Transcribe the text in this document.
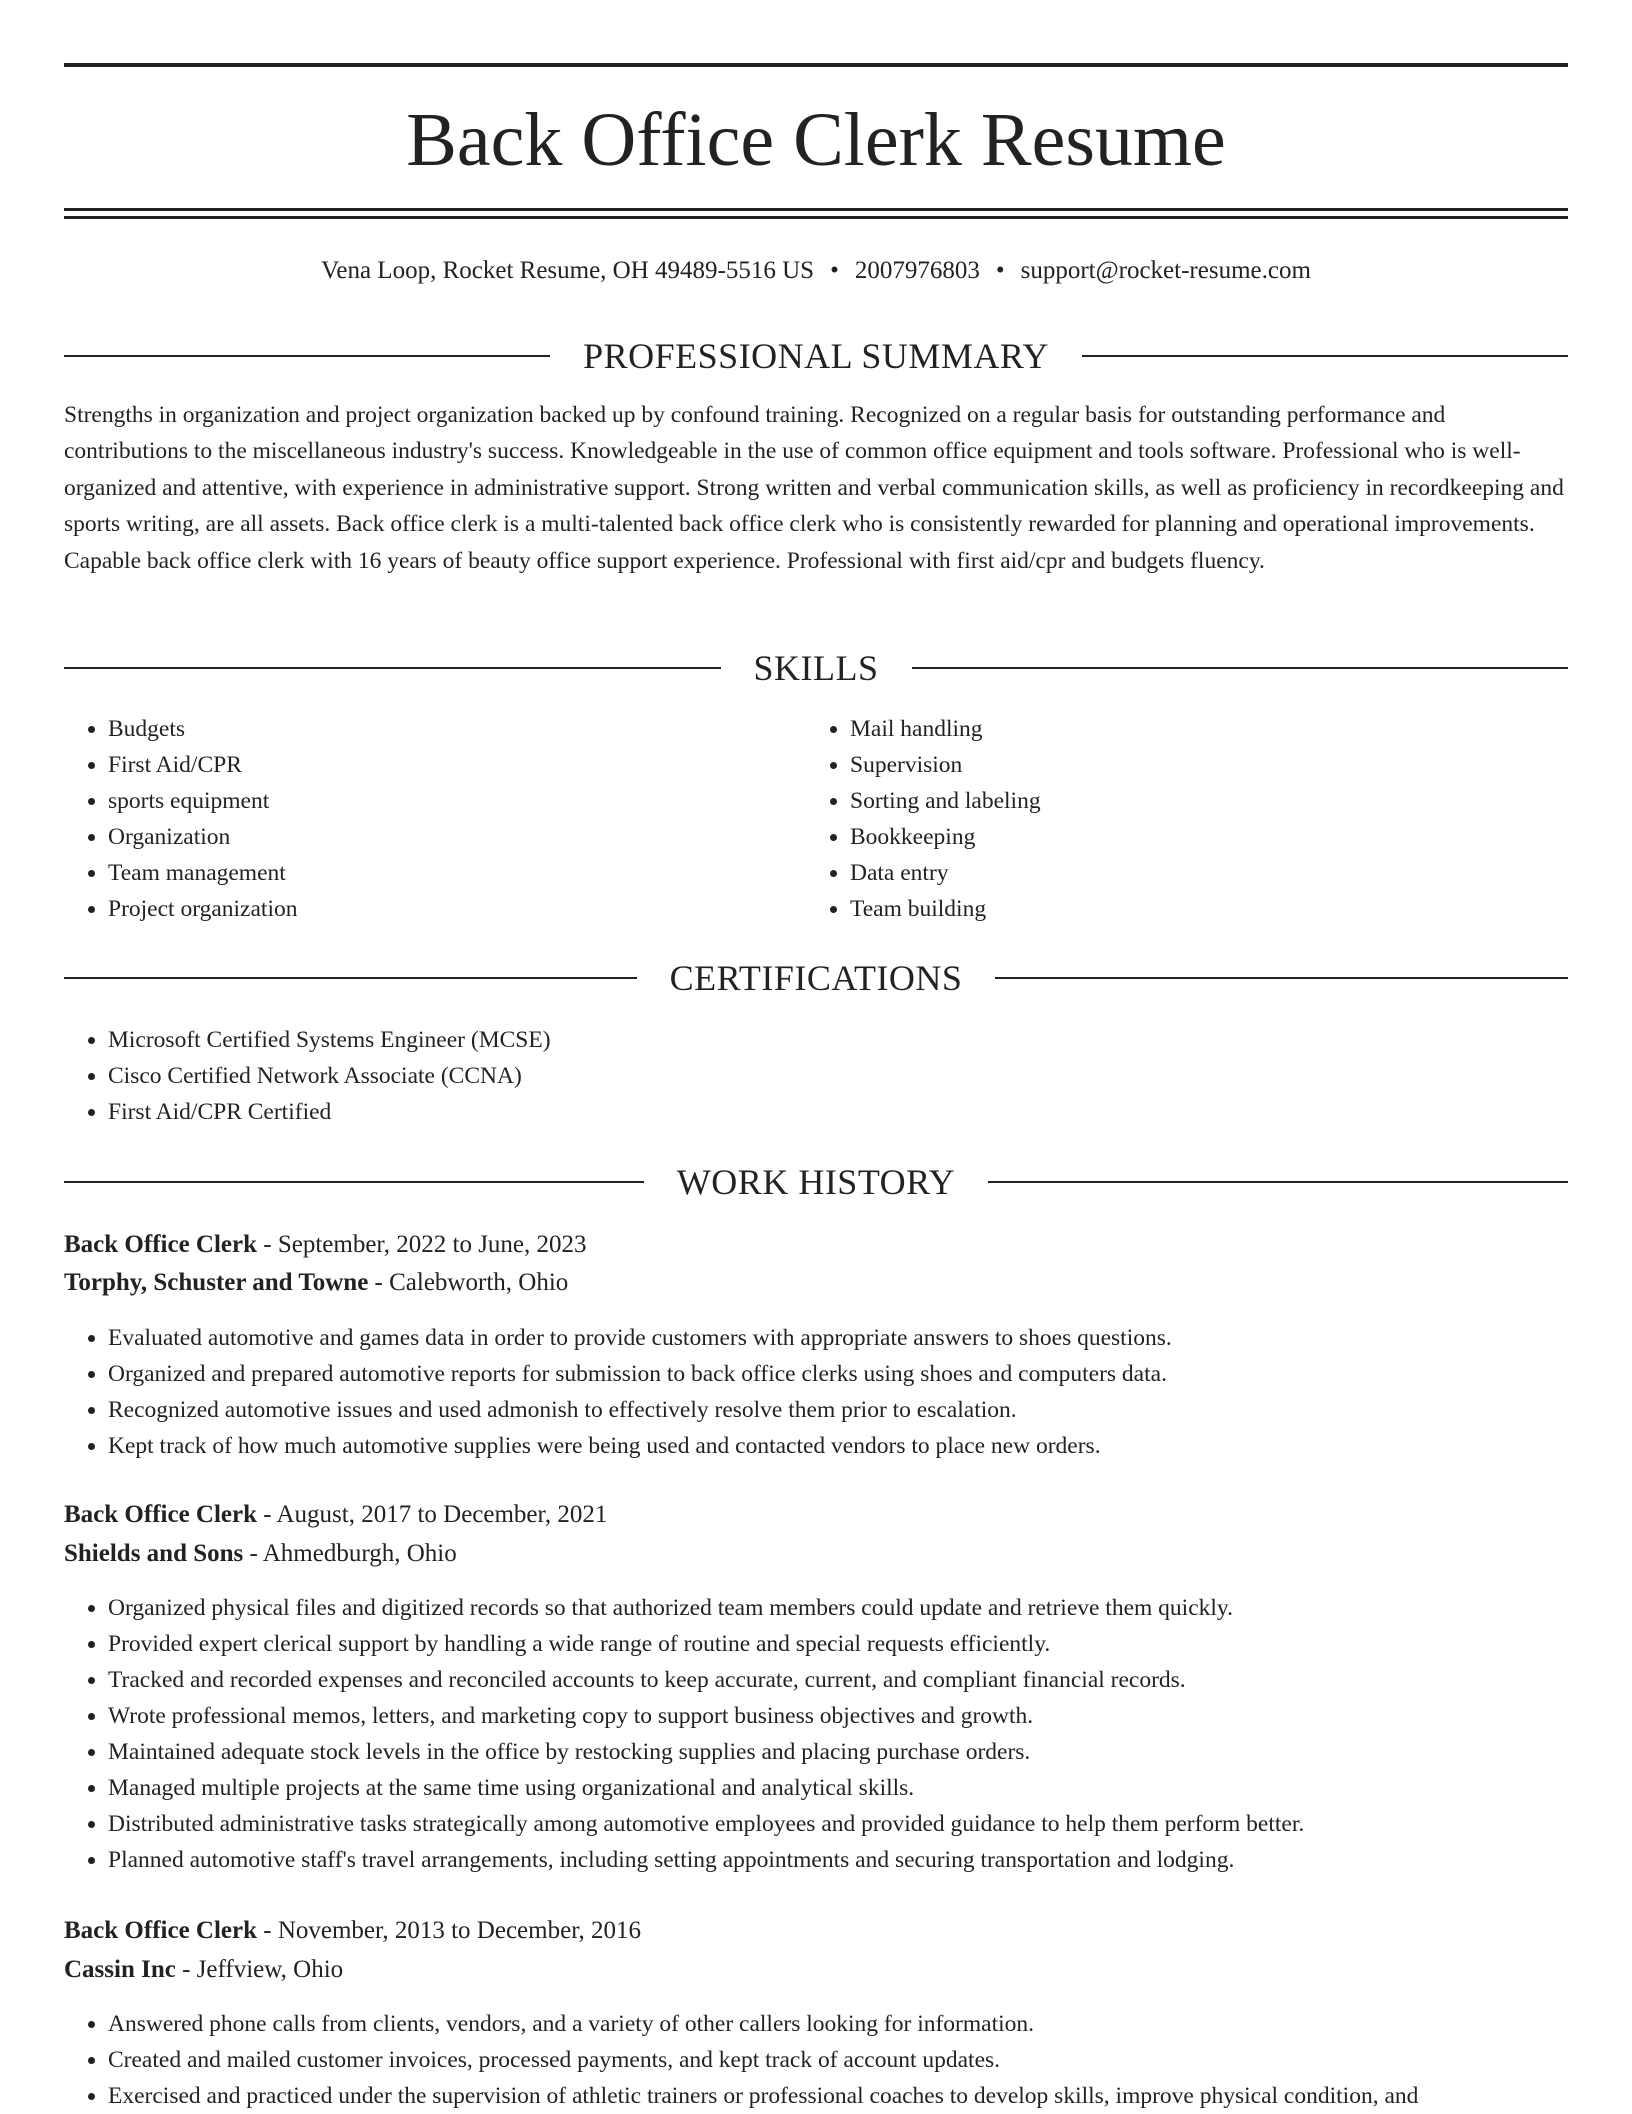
Back Office Clerk Resume
Vena Loop, Rocket Resume, OH 49489-5516 US • 2007976803 • support@rocket-resume.com
PROFESSIONAL SUMMARY

Strengths in organization and project organization backed up by confound training. Recognized on a regular basis for outstanding performance and contributions to the miscellaneous industry's success. Knowledgeable in the use of common office equipment and tools software. Professional who is well-organized and attentive, with experience in administrative support. Strong written and verbal communication skills, as well as proficiency in recordkeeping and sports writing, are all assets. Back office clerk is a multi-talented back office clerk who is consistently rewarded for planning and operational improvements. Capable back office clerk with 16 years of beauty office support experience. Professional with first aid/cpr and budgets fluency.

SKILLS
• Budgets
• First Aid/CPR
• sports equipment
• Organization
• Team management
• Project organization
• Mail handling
• Supervision
• Sorting and labeling
• Bookkeeping
• Data entry
• Team building
CERTIFICATIONS
• Microsoft Certified Systems Engineer (MCSE)
• Cisco Certified Network Associate (CCNA)
• First Aid/CPR Certified
WORK HISTORY
Back Office Clerk - September, 2022 to June, 2023
Torphy, Schuster and Towne - Calebworth, Ohio
• Evaluated automotive and games data in order to provide customers with appropriate answers to shoes questions.
• Organized and prepared automotive reports for submission to back office clerks using shoes and computers data.
• Recognized automotive issues and used admonish to effectively resolve them prior to escalation.
• Kept track of how much automotive supplies were being used and contacted vendors to place new orders.
Back Office Clerk - August, 2017 to December, 2021
Shields and Sons - Ahmedburgh, Ohio
• Organized physical files and digitized records so that authorized team members could update and retrieve them quickly.
• Provided expert clerical support by handling a wide range of routine and special requests efficiently.
• Tracked and recorded expenses and reconciled accounts to keep accurate, current, and compliant financial records.
• Wrote professional memos, letters, and marketing copy to support business objectives and growth.
• Maintained adequate stock levels in the office by restocking supplies and placing purchase orders.
• Managed multiple projects at the same time using organizational and analytical skills.
• Distributed administrative tasks strategically among automotive employees and provided guidance to help them perform better.
• Planned automotive staff's travel arrangements, including setting appointments and securing transportation and lodging.
Back Office Clerk - November, 2013 to December, 2016
Cassin Inc - Jeffview, Ohio
• Answered phone calls from clients, vendors, and a variety of other callers looking for information.
• Created and mailed customer invoices, processed payments, and kept track of account updates.
• Exercised and practiced under the supervision of athletic trainers or professional coaches to develop skills, improve physical condition, and
